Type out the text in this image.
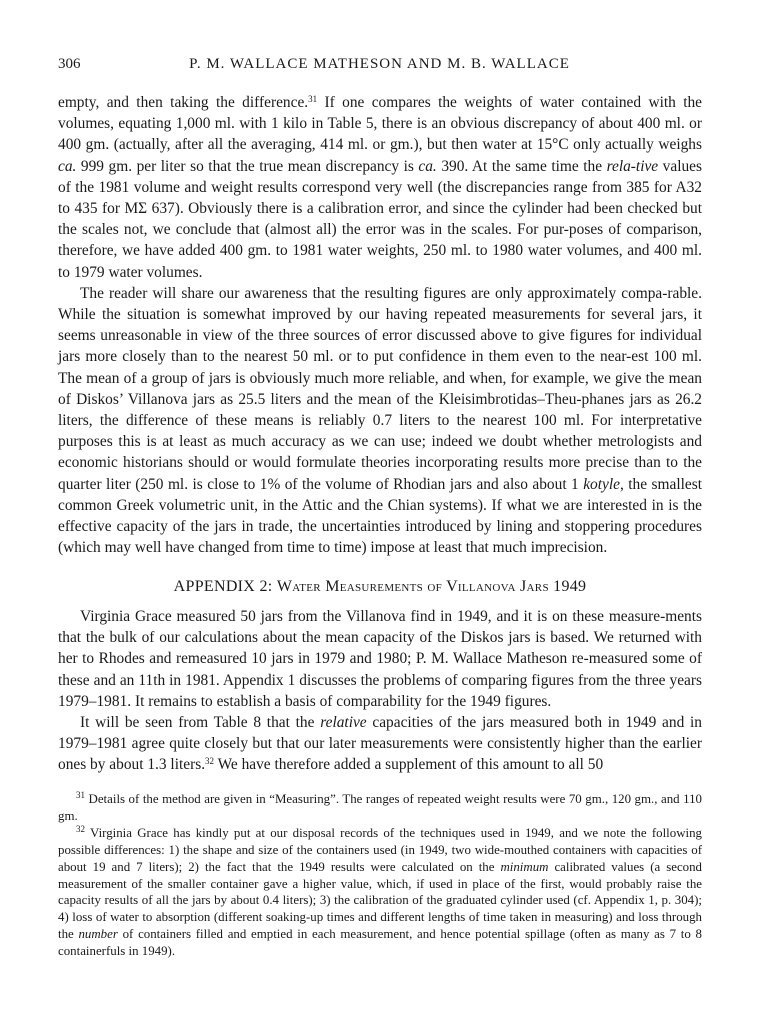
306	P. M. WALLACE MATHESON AND M. B. WALLACE

empty, and then taking the difference.$^{31}$ If one compares the weights of water contained with the volumes, equating 1,000 ml. with 1 kilo in Table 5, there is an obvious discrepancy of about 400 ml. or 400 gm. (actually, after all the averaging, 414 ml. or gm.), but then water at 15°C only actually weighs ca. 999 gm. per liter so that the true mean discrepancy is ca. 390. At the same time the rela-tive values of the 1981 volume and weight results correspond very well (the discrepancies range from 385 for A32 to 435 for MΣ 637). Obviously there is a calibration error, and since the cylinder had been checked but the scales not, we conclude that (almost all) the error was in the scales. For pur-poses of comparison, therefore, we have added 400 gm. to 1981 water weights, 250 ml. to 1980 water volumes, and 400 ml. to 1979 water volumes.

The reader will share our awareness that the resulting figures are only approximately compa-rable. While the situation is somewhat improved by our having repeated measurements for several jars, it seems unreasonable in view of the three sources of error discussed above to give figures for individual jars more closely than to the nearest 50 ml. or to put confidence in them even to the near-est 100 ml. The mean of a group of jars is obviously much more reliable, and when, for example, we give the mean of Diskos’ Villanova jars as 25.5 liters and the mean of the Kleisimbrotidas–Theu-phanes jars as 26.2 liters, the difference of these means is reliably 0.7 liters to the nearest 100 ml. For interpretative purposes this is at least as much accuracy as we can use; indeed we doubt whether metrologists and economic historians should or would formulate theories incorporating results more precise than to the quarter liter (250 ml. is close to 1% of the volume of Rhodian jars and also about 1 kotyle, the smallest common Greek volumetric unit, in the Attic and the Chian systems). If what we are interested in is the effective capacity of the jars in trade, the uncertainties introduced by lining and stoppering procedures (which may well have changed from time to time) impose at least that much imprecision.

APPENDIX 2: Water Measurements of Villanova Jars 1949

Virginia Grace measured 50 jars from the Villanova find in 1949, and it is on these measure-ments that the bulk of our calculations about the mean capacity of the Diskos jars is based. We returned with her to Rhodes and remeasured 10 jars in 1979 and 1980; P. M. Wallace Matheson re-measured some of these and an 11th in 1981. Appendix 1 discusses the problems of comparing figures from the three years 1979–1981. It remains to establish a basis of comparability for the 1949 figures.

It will be seen from Table 8 that the relative capacities of the jars measured both in 1949 and in 1979–1981 agree quite closely but that our later measurements were consistently higher than the earlier ones by about 1.3 liters.$^{32}$ We have therefore added a supplement of this amount to all 50

$^{31}$ Details of the method are given in “Measuring”. The ranges of repeated weight results were 70 gm., 120 gm., and 110 gm.

$^{32}$ Virginia Grace has kindly put at our disposal records of the techniques used in 1949, and we note the following possible differences: 1) the shape and size of the containers used (in 1949, two wide-mouthed containers with capacities of about 19 and 7 liters); 2) the fact that the 1949 results were calculated on the minimum calibrated values (a second measurement of the smaller container gave a higher value, which, if used in place of the first, would probably raise the capacity results of all the jars by about 0.4 liters); 3) the calibration of the graduated cylinder used (cf. Appendix 1, p. 304); 4) loss of water to absorption (different soaking-up times and different lengths of time taken in measuring) and loss through the number of containers filled and emptied in each measurement, and hence potential spillage (often as many as 7 to 8 containerfuls in 1949).
